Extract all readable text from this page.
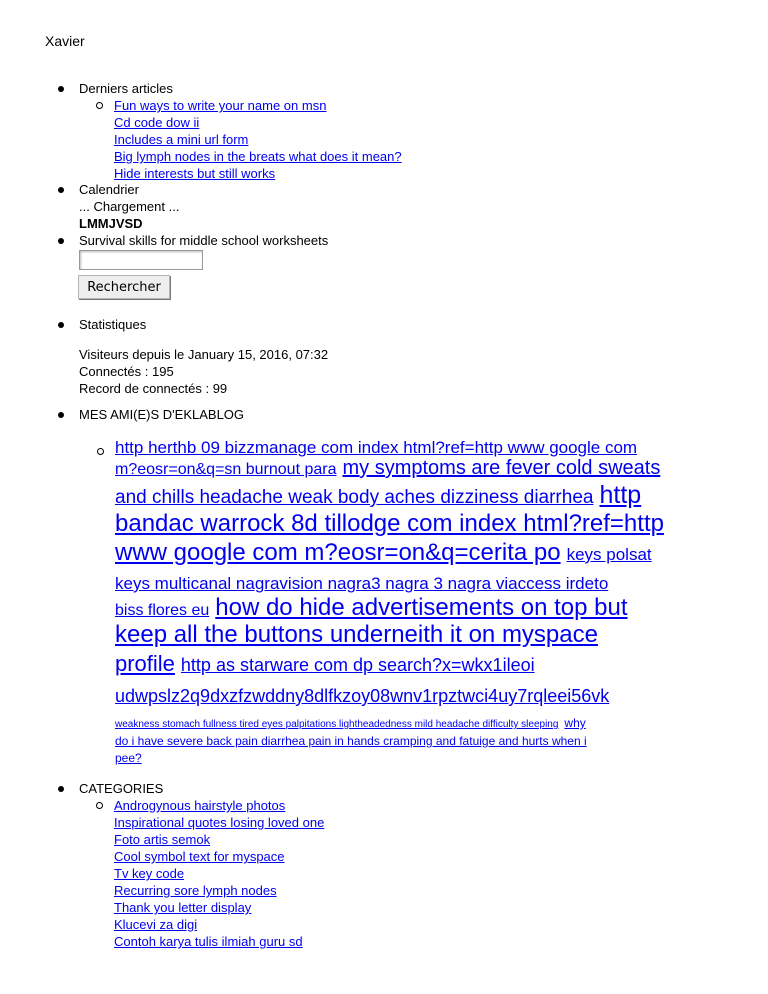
Xavier
Derniers articles
Fun ways to write your name on msn
Cd code dow ii
Includes a mini url form
Big lymph nodes in the breats what does it mean?
Hide interests but still works
Calendrier
... Chargement ...
LMMJVSD
Survival skills for middle school worksheets
Rechercher
Statistiques
Visiteurs depuis le January 15, 2016, 07:32
Connectés : 195
Record de connectés : 99
MES AMI(E)S D'EKLABLOG
http herthb 09 bizzmanage com index html?ref=http www google com
m?eosr=on&q=sn burnout para my symptoms are fever cold sweats
and chills headache weak body aches dizziness diarrhea http
bandac warrock 8d tillodge com index html?ref=http
www google com m?eosr=on&q=cerita po keys polsat
keys multicanal nagravision nagra3 nagra 3 nagra viaccess irdeto
biss flores eu how do hide advertisements on top but
keep all the buttons underneith it on myspace
profile http as starware com dp search?x=wkx1ileoi
udwpslz2q9dxzfzwddny8dlfkzoy08wnv1rpztwci4uy7rqleei56vk
weakness stomach fullness tired eyes palpitations lightheadedness mild headache difficulty sleeping why
do i have severe back pain diarrhea pain in hands cramping and fatuige and hurts when i
pee?
CATEGORIES
Androgynous hairstyle photos
Inspirational quotes losing loved one
Foto artis semok
Cool symbol text for myspace
Tv key code
Recurring sore lymph nodes
Thank you letter display
Klucevi za digi
Contoh karya tulis ilmiah guru sd
